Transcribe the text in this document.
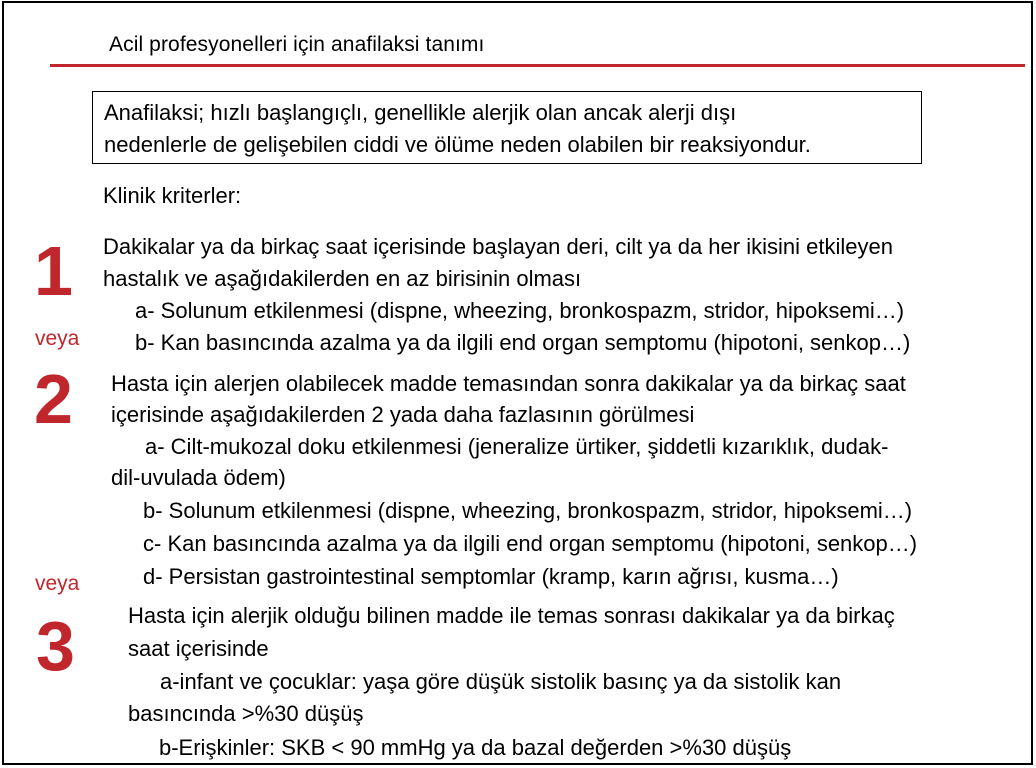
Acil profesyonelleri için anafilaksi tanımı
Anafilaksi; hızlı başlangıçlı, genellikle alerjik olan ancak alerji dışı
nedenlerle de gelişebilen ciddi ve ölüme neden olabilen bir reaksiyondur.
Klinik kriterler:
1 Dakikalar ya da birkaç saat içerisinde başlayan deri, cilt ya da her ikisini etkileyen
hastalık ve aşağıdakilerden en az birisinin olması
a- Solunum etkilenmesi (dispne, wheezing, bronkospazm, stridor, hipoksemi…)
b- Kan basıncında azalma ya da ilgili end organ semptomu (hipotoni, senkop…)
veya
2 Hasta için alerjen olabilecek madde temasından sonra dakikalar ya da birkaç saat
içerisinde aşağıdakilerden 2 yada daha fazlasının görülmesi
a- Cilt-mukozal doku etkilenmesi (jeneralize ürtiker, şiddetli kızarıklık, dudak-
dil-uvulada ödem)
b- Solunum etkilenmesi (dispne, wheezing, bronkospazm, stridor, hipoksemi…)
c- Kan basıncında azalma ya da ilgili end organ semptomu (hipotoni, senkop…)
d- Persistan gastrointestinal semptomlar (kramp, karın ağrısı, kusma…)
veya
3 Hasta için alerjik olduğu bilinen madde ile temas sonrası dakikalar ya da birkaç
saat içerisinde
a-infant ve çocuklar: yaşa göre düşük sistolik basınç ya da sistolik kan
basıncında >%30 düşüş
b-Erişkinler: SKB < 90 mmHg ya da bazal değerden >%30 düşüş
